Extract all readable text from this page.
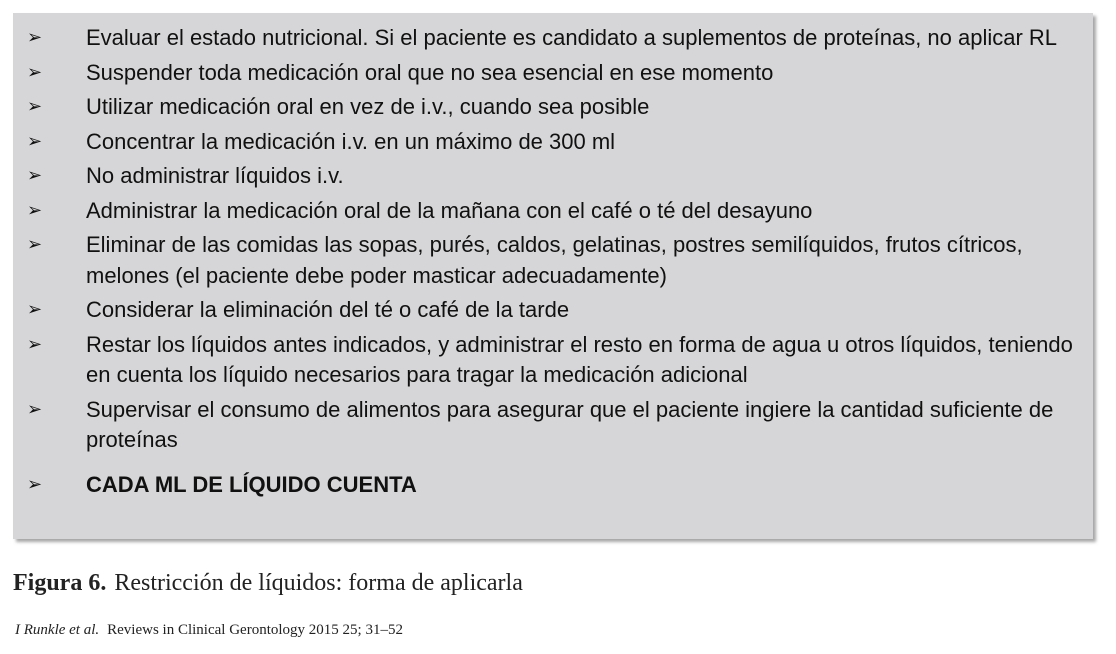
➢	Evaluar el estado nutricional. Si el paciente es candidato a suplementos de proteínas, no aplicar RL
➢	Suspender toda medicación oral que no sea esencial en ese momento
➢	Utilizar medicación oral en vez de i.v., cuando sea posible
➢	Concentrar la medicación i.v. en un máximo de 300 ml
➢	No administrar líquidos i.v.
➢	Administrar la medicación oral de la mañana con el café o té del desayuno
➢	Eliminar de las comidas las sopas, purés, caldos, gelatinas, postres semilíquidos, frutos cítricos, melones (el paciente debe poder masticar adecuadamente)
➢	Considerar la eliminación del té o café de la tarde
➢	Restar los líquidos antes indicados, y administrar el resto en forma de agua u otros líquidos, teniendo en cuenta los líquido necesarios para tragar la medicación adicional
➢	Supervisar el consumo de alimentos para asegurar que el paciente ingiere la cantidad suficiente de proteínas
➢	CADA ML DE LÍQUIDO CUENTA
Figura 6. Restricción de líquidos: forma de aplicarla
I Runkle et al. Reviews in Clinical Gerontology 2015 25; 31–52
